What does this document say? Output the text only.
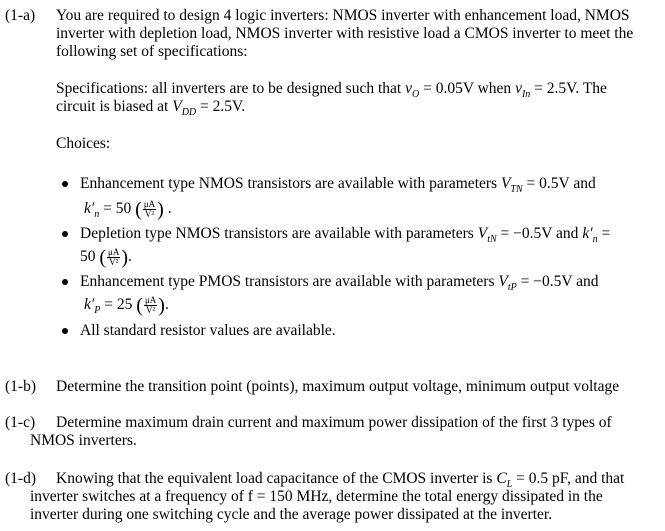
(1-a) You are required to design 4 logic inverters: NMOS inverter with enhancement load, NMOS
inverter with depletion load, NMOS inverter with resistive load a CMOS inverter to meet the
following set of specifications:
Specifications: all inverters are to be designed such that $v_O = 0.05V$ when $v_{In} = 2.5V$. The
circuit is biased at $V_{DD} = 2.5V$.
Choices:
Enhancement type NMOS transistors are available with parameters $V_{TN} = 0.5V$ and
$k'_n = 50$ ( $\frac{\mu A}{\text{V²}}$ ) .
Depletion type NMOS transistors are available with parameters $V_{tN} = -0.5V$ and $k'_n$ =
50 ( $\frac{\mu A}{\text{V²}}$ ).
Enhancement type PMOS transistors are available with parameters $V_{tP} = -0.5V$ and
$k'_P = 25$ ( $\frac{\mu A}{\text{V²}}$ ).
All standard resistor values are available.
(1-b) Determine the transition point (points), maximum output voltage, minimum output voltage
(1-c) Determine maximum drain current and maximum power dissipation of the first 3 types of
NMOS inverters.
(1-d) Knowing that the equivalent load capacitance of the CMOS inverter is $C_L = 0.5$ pF, and that
inverter switches at a frequency of f = 150 MHz, determine the total energy dissipated in the
inverter during one switching cycle and the average power dissipated at the inverter.
